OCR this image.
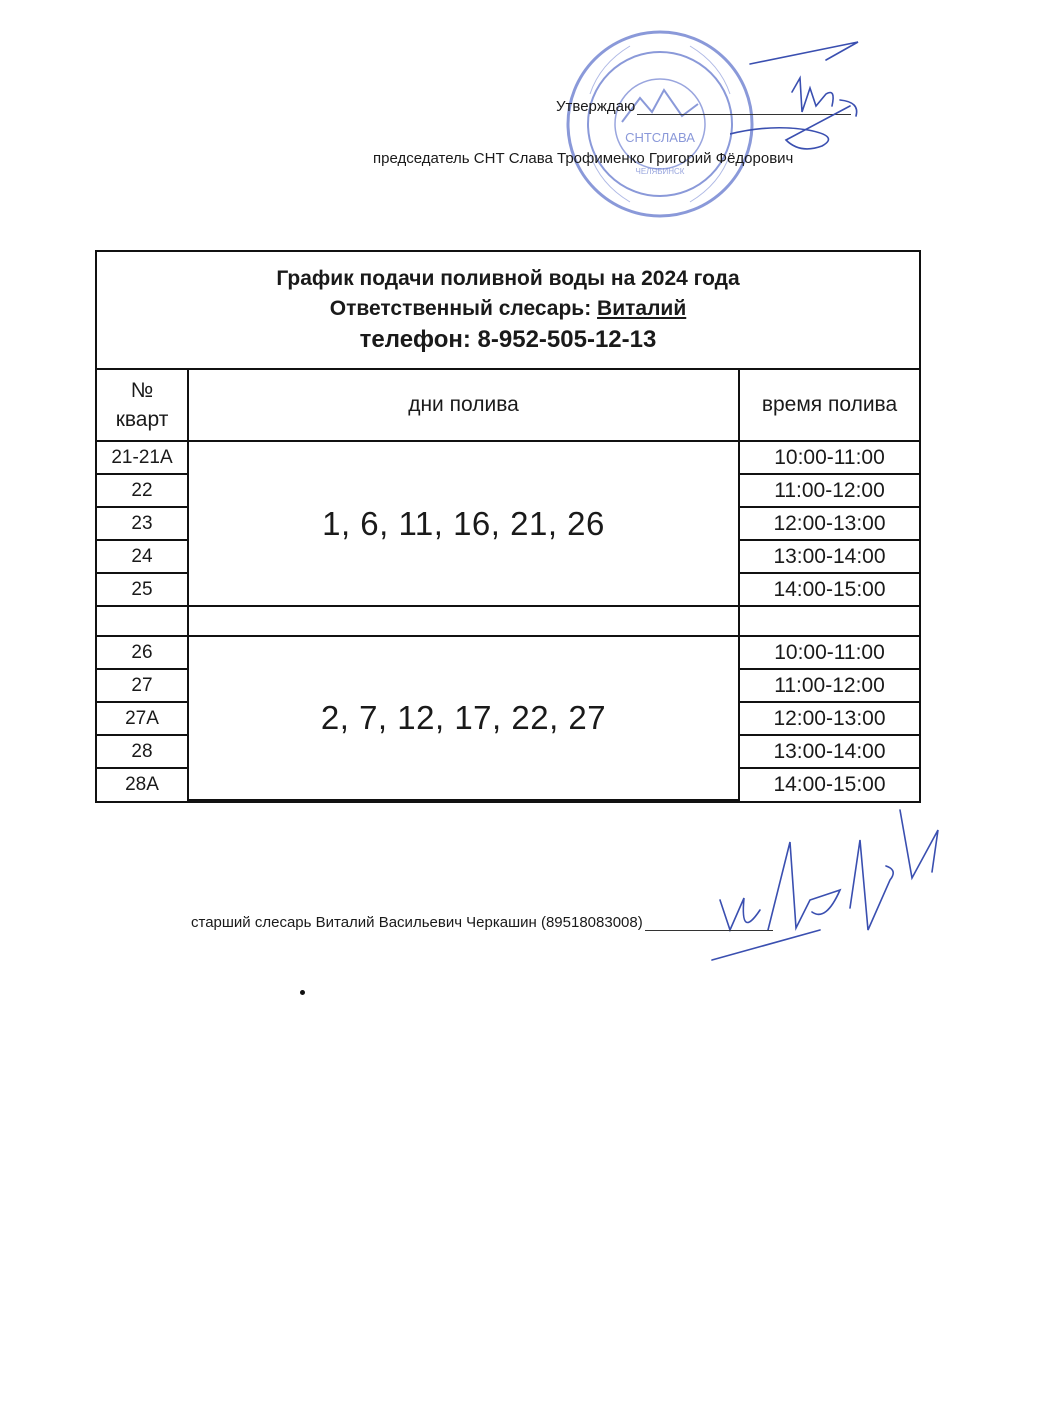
СНТСЛАВА
ЧЕЛЯБИНСК
Утверждаю
председатель СНТ Слава Трофименко Григорий Фёдорович
График подачи поливной воды на 2024 года
Ответственный слесарь: Виталий
телефон: 8-952-505-12-13
№
кварт	дни полива	время полива
21-21А	1, 6, 11, 16, 21, 26	10:00-11:00
22		11:00-12:00
23		12:00-13:00
24		13:00-14:00
25		14:00-15:00

26	2, 7, 12, 17, 22, 27	10:00-11:00
27		11:00-12:00
27А		12:00-13:00
28		13:00-14:00
28А		14:00-15:00
старший слесарь Виталий Васильевич Черкашин (89518083008)
